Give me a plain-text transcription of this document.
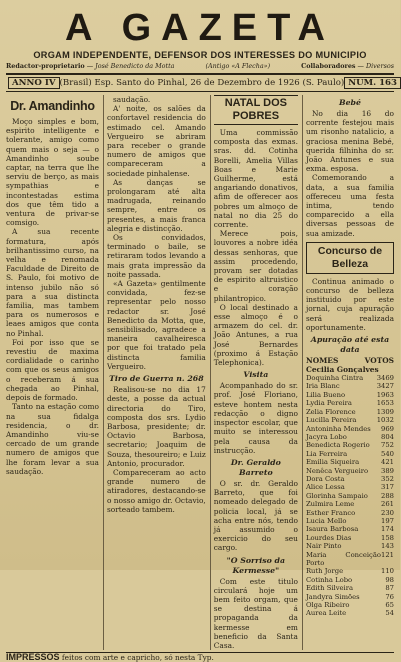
A GAZETA
ORGAM INDEPENDENTE, DEFENSOR DOS INTERESSES DO MUNICIPIO
Redactor-proprietario — José Benedicto da Motta	(Antigo «A Flecha»)	Collaboradores — Diversos
ANNO IV (Brasil) Esp. Santo do Pinhal, 26 de Dezembro de 1926 (S. Paulo) NUM. 163
Dr. Amandinho

Moço simples e bom, espirito intelligente e tolerante, amigo como quem mais o seja — o Amandinho soube captar, na terra que lhe serviu de berço, as mais sympathias e incontestadas estima dos que têm tido a ventura de privar-se comsigo.

A sua recente formatura, após brilhantissimo curso, na velha e renomada Faculdade de Direito de S. Paulo, foi motivo de intenso jubilo não só para a sua distincta familia, mas tambem para os numerosos e leaes amigos que conta no Pinhal.

Foi por isso que se revestiu de maxima cordialidade o carinho com que os seus amigos o receberam á sua chegada ao Pinhal, depois de formado.

Tanto na estação como na sua fidalga residencia, o dr. Amandinho viu-se cercado de um grande numero de amigos que lhe foram levar a sua saudação.

saudação.

A' noite, os salões da confortavel residencia do estimado cel. Amando Vergueiro se abriram para receber o grande numero de amigos que compareceram a sociedade pinhalense.

As danças se prolongaram até alta madrugada, reinando sempre, entre os presentes, a mais franca alegria e distincção.

Os convidados, terminado o baile, se retiraram todos levando a mais grata impressão da noite passada.

«A Gazeta» gentilmente convidada, fez-se representar pelo nosso redactor sr. José Benedicto da Motta, que, sensibilisado, agradece a maneira cavalheiresca por que foi tratado pela distincta familia Vergueiro.

Tiro de Guerra n. 268

Realisou-se no dia 17 deste, a posse da actual directoria do Tiro, composta dos srs. Lydio Barbosa, presidente; dr. Octavio Barbosa, secretario; Joaquim de Souza, thesoureiro; e Luiz Antonio, procurador.

Compareceram ao acto grande numero de atiradores, destacando-se o nosso amigo dr. Octavio, sorteado tambem.

NATAL DOS POBRES

Uma commissão composta das exmas. sras. dd. Cotinha Borelli, Amelia Villas Boas e Marie Guilherme, está angariando donativos, afim de offerecer aos pobres um almoço de natal no dia 25 do corrente.

Merece pois, louvores a nobre idéa dessas senhoras, que assim procedendo, provam ser dotadas de espirito altruistico e coração philantropico.

O local destinado a esse almoço é o armazem do cel. dr. João Antunes, a rua José Bernardes (proximo á Estação Telephonica).

Visita

Acompanhado do sr. prof. José Floriano, esteve hontem nesta redacção o digno inspector escolar, que muito se interessou pela causa da instrucção.

Dr. Geraldo Barreto

O sr. dr. Geraldo Barreto, que foi nomeado delegado de policia local, já se acha entre nós, tendo já assumido o exercicio do seu cargo.

"O Sorriso da Kermesse"

Com este titulo circulará hoje um bem feito orgam, que se destina á propaganda da kermesse em beneficio da Santa Casa.

Bebé

No dia 16 do corrente festejou mais um risonho natalicio, a graciosa menina Bebé, querida filhinha do sr. João Antunes e sua exma. esposa.

Comemorando a data, a sua familia offereceu uma festa intima, tendo comparecido a ella diversas pessoas de sua amizade.

Concurso de Belleza

Continua animado o concurso de belleza instituido por este jornal, cuja apuração será realizada oportunamente.

Apuração até esta data
NOMES	VOTOS
Cecilia Gonçalves
Doquinha Cintra 3469
Iria Blanc	3427
Lilia Bueno	1963
Lydia Pereira	1653
Zelia Florence	1309
Lucilla Pereira	1032
Antoninha Mendes 969
Jacyra Lobo	804
Benedicta Rogerio 752
Lia Ferreira	540
Emilia Siqueira	421
Nenêca Vergueiro 389
Dora Costa	352
Alice Lessa	317
Glorinha Sampaio 288
Zulmira Leme	261
Esther Franco	230
Lucia Mello	197
Isaura Barbosa	174
Lourdes Dias	158
Nair Pinto	143
Maria Conceição Porto
121
Ruth Jorge	110
Cotinha Lobo	98
Edith Silveira	87
Jandyra Simões	76
Olga Ribeiro	65
Aurea Leite	54
IMPRESSOS feitos com arte e capricho, só nesta Typ.
